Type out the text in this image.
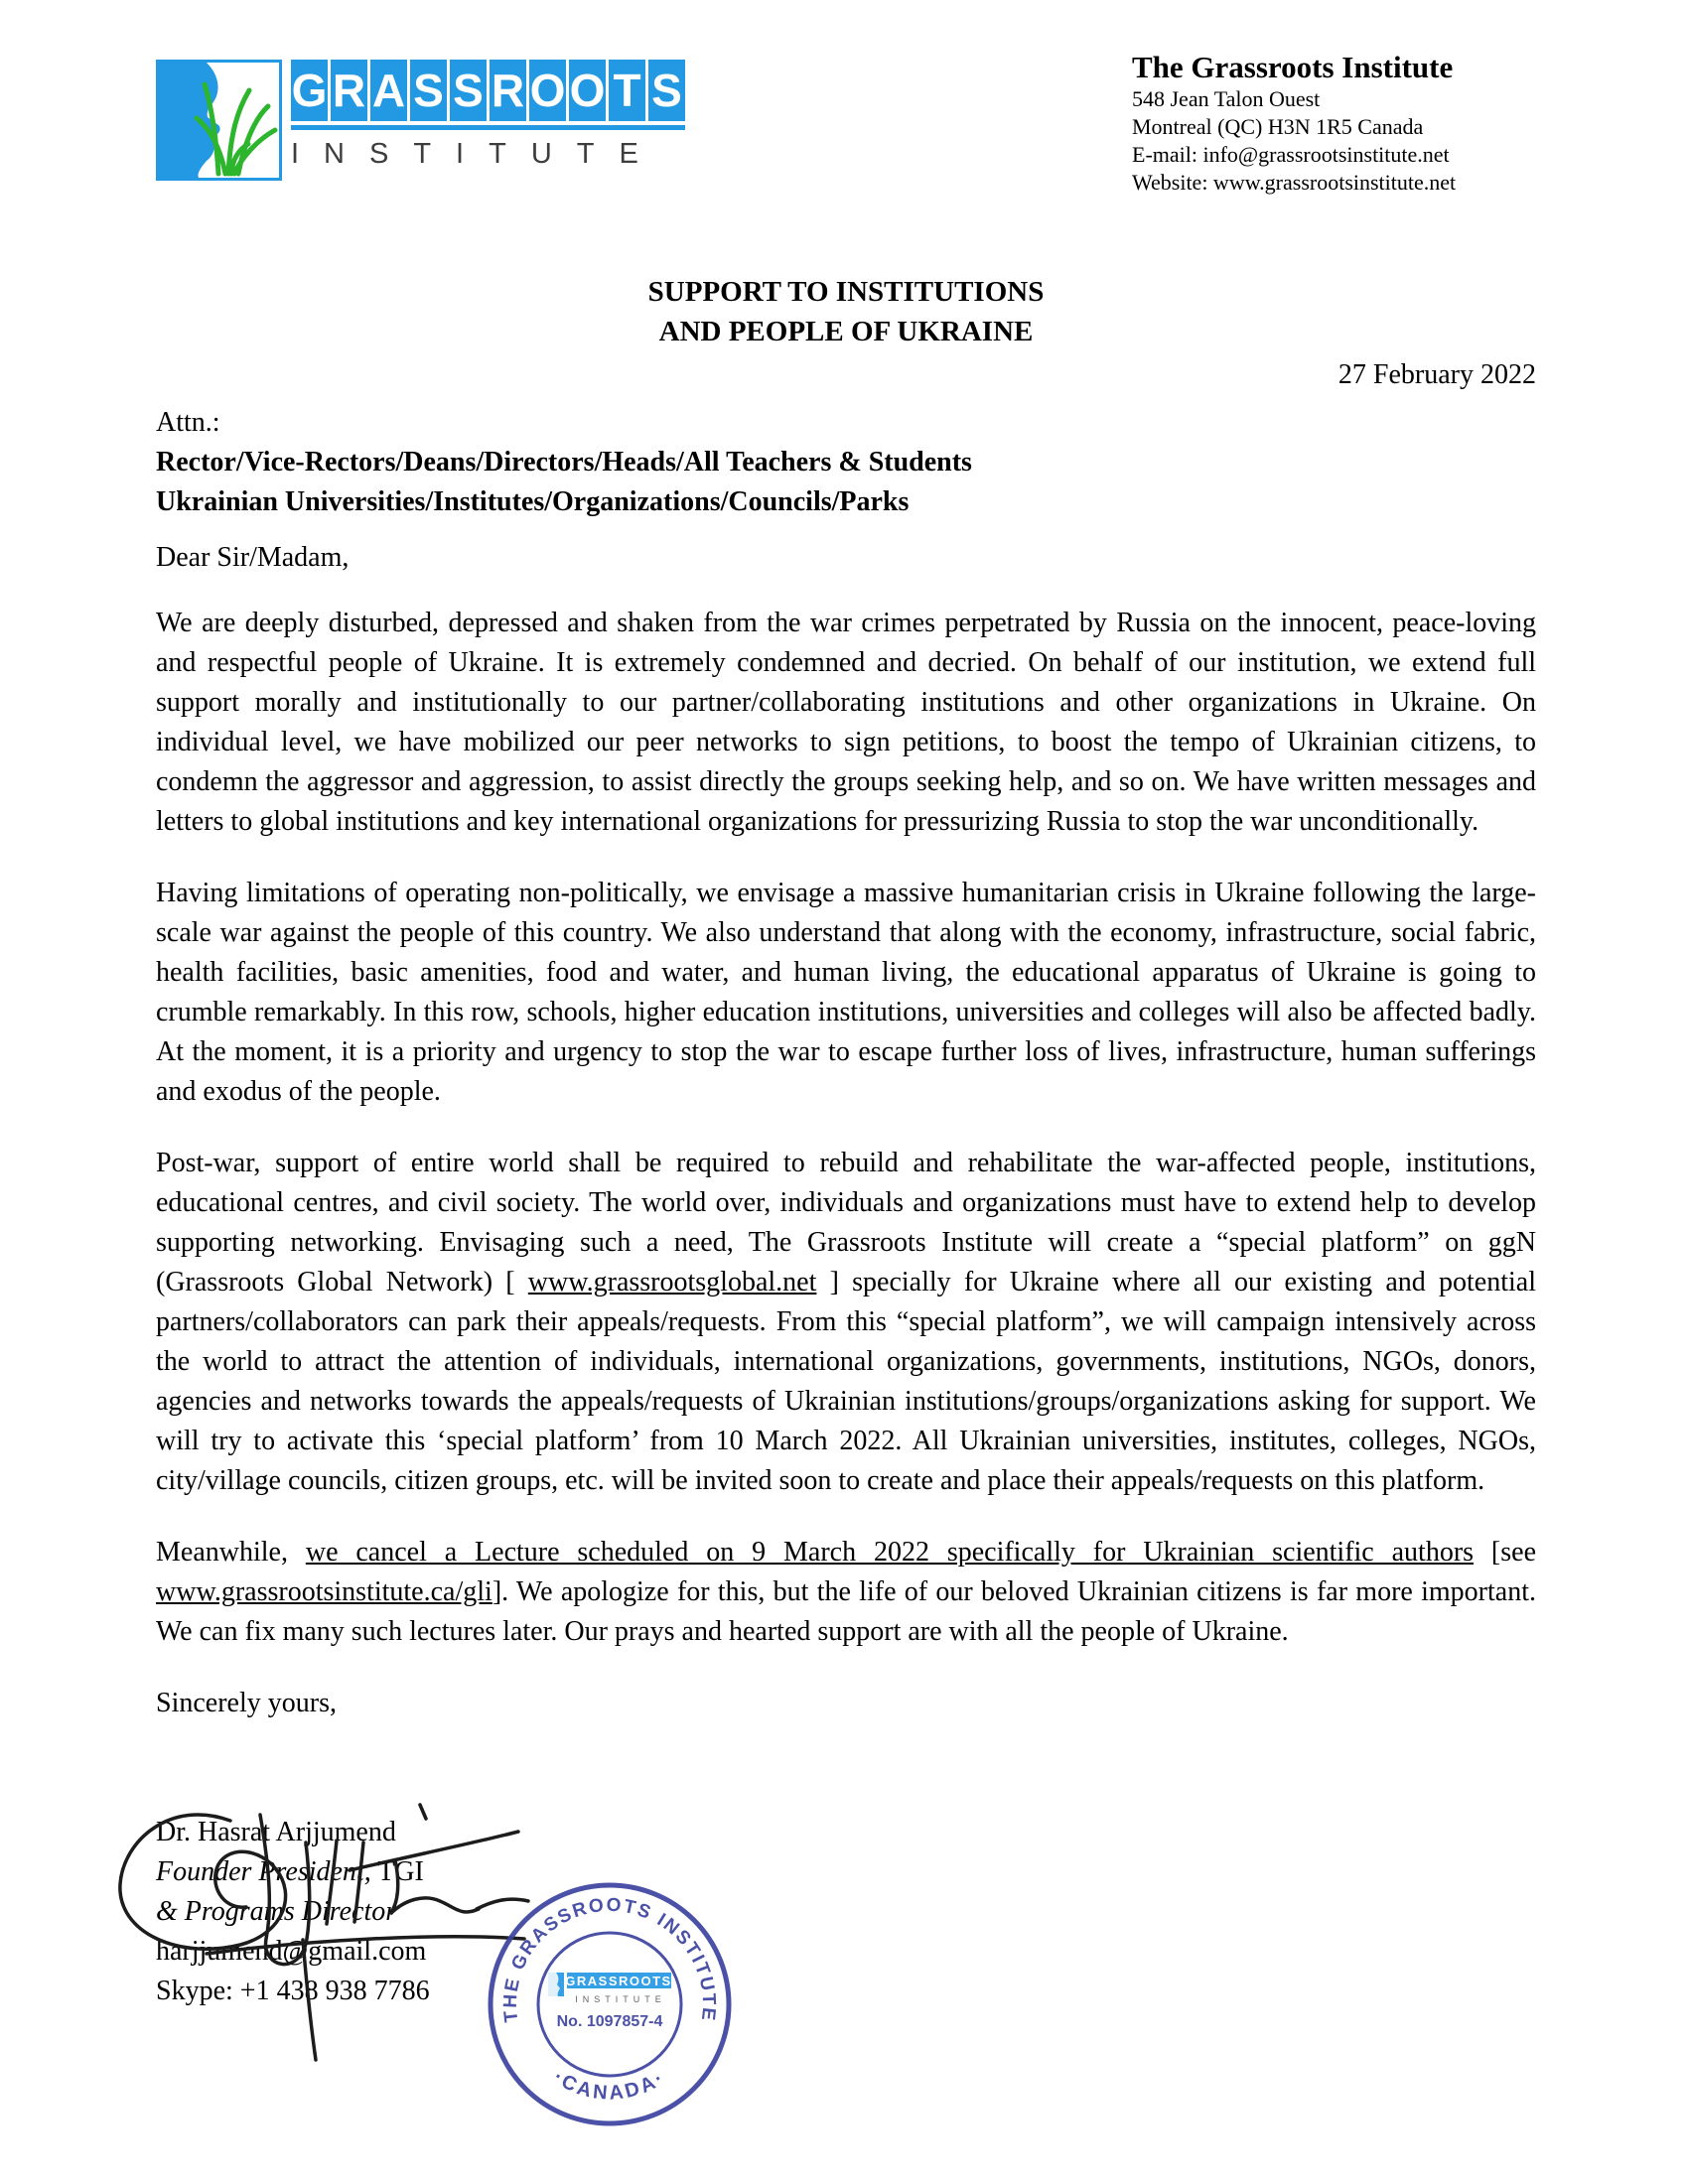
G R A S S R O O T S
INSTITUTE
The Grassroots Institute
548 Jean Talon Ouest
Montreal (QC) H3N 1R5 Canada
E-mail: info@grassrootsinstitute.net
Website: www.grassrootsinstitute.net
SUPPORT TO INSTITUTIONS
AND PEOPLE OF UKRAINE
27 February 2022
Attn.:
Rector/Vice-Rectors/Deans/Directors/Heads/All Teachers & Students
Ukrainian Universities/Institutes/Organizations/Councils/Parks
Dear Sir/Madam,

We are deeply disturbed, depressed and shaken from the war crimes perpetrated by Russia on the innocent, peace-loving and respectful people of Ukraine. It is extremely condemned and decried. On behalf of our institution, we extend full support morally and institutionally to our partner/collaborating institutions and other organizations in Ukraine. On individual level, we have mobilized our peer networks to sign petitions, to boost the tempo of Ukrainian citizens, to condemn the aggressor and aggression, to assist directly the groups seeking help, and so on. We have written messages and letters to global institutions and key international organizations for pressurizing Russia to stop the war unconditionally.

Having limitations of operating non-politically, we envisage a massive humanitarian crisis in Ukraine following the large-scale war against the people of this country. We also understand that along with the economy, infrastructure, social fabric, health facilities, basic amenities, food and water, and human living, the educational apparatus of Ukraine is going to crumble remarkably. In this row, schools, higher education institutions, universities and colleges will also be affected badly. At the moment, it is a priority and urgency to stop the war to escape further loss of lives, infrastructure, human sufferings and exodus of the people.

Post-war, support of entire world shall be required to rebuild and rehabilitate the war-affected people, institutions, educational centres, and civil society. The world over, individuals and organizations must have to extend help to develop supporting networking. Envisaging such a need, The Grassroots Institute will create a “special platform” on ggN (Grassroots Global Network) [ www.grassrootsglobal.net ] specially for Ukraine where all our existing and potential partners/collaborators can park their appeals/requests. From this “special platform”, we will campaign intensively across the world to attract the attention of individuals, international organizations, governments, institutions, NGOs, donors, agencies and networks towards the appeals/requests of Ukrainian institutions/groups/organizations asking for support. We will try to activate this ‘special platform’ from 10 March 2022. All Ukrainian universities, institutes, colleges, NGOs, city/village councils, citizen groups, etc. will be invited soon to create and place their appeals/requests on this platform.

Meanwhile, we cancel a Lecture scheduled on 9 March 2022 specifically for Ukrainian scientific authors [see www.grassrootsinstitute.ca/gli]. We apologize for this, but the life of our beloved Ukrainian citizens is far more important. We can fix many such lectures later. Our prays and hearted support are with all the people of Ukraine.

Sincerely yours,
Dr. Hasrat Arjjumend
Founder President, TGI
& Programs Director
harjjumend@gmail.com
Skype: +1 438 938 7786
THE GRASSROOTS INSTITUTE
·CANADA·
GRASSROOTS
INSTITUTE
No. 1097857-4
